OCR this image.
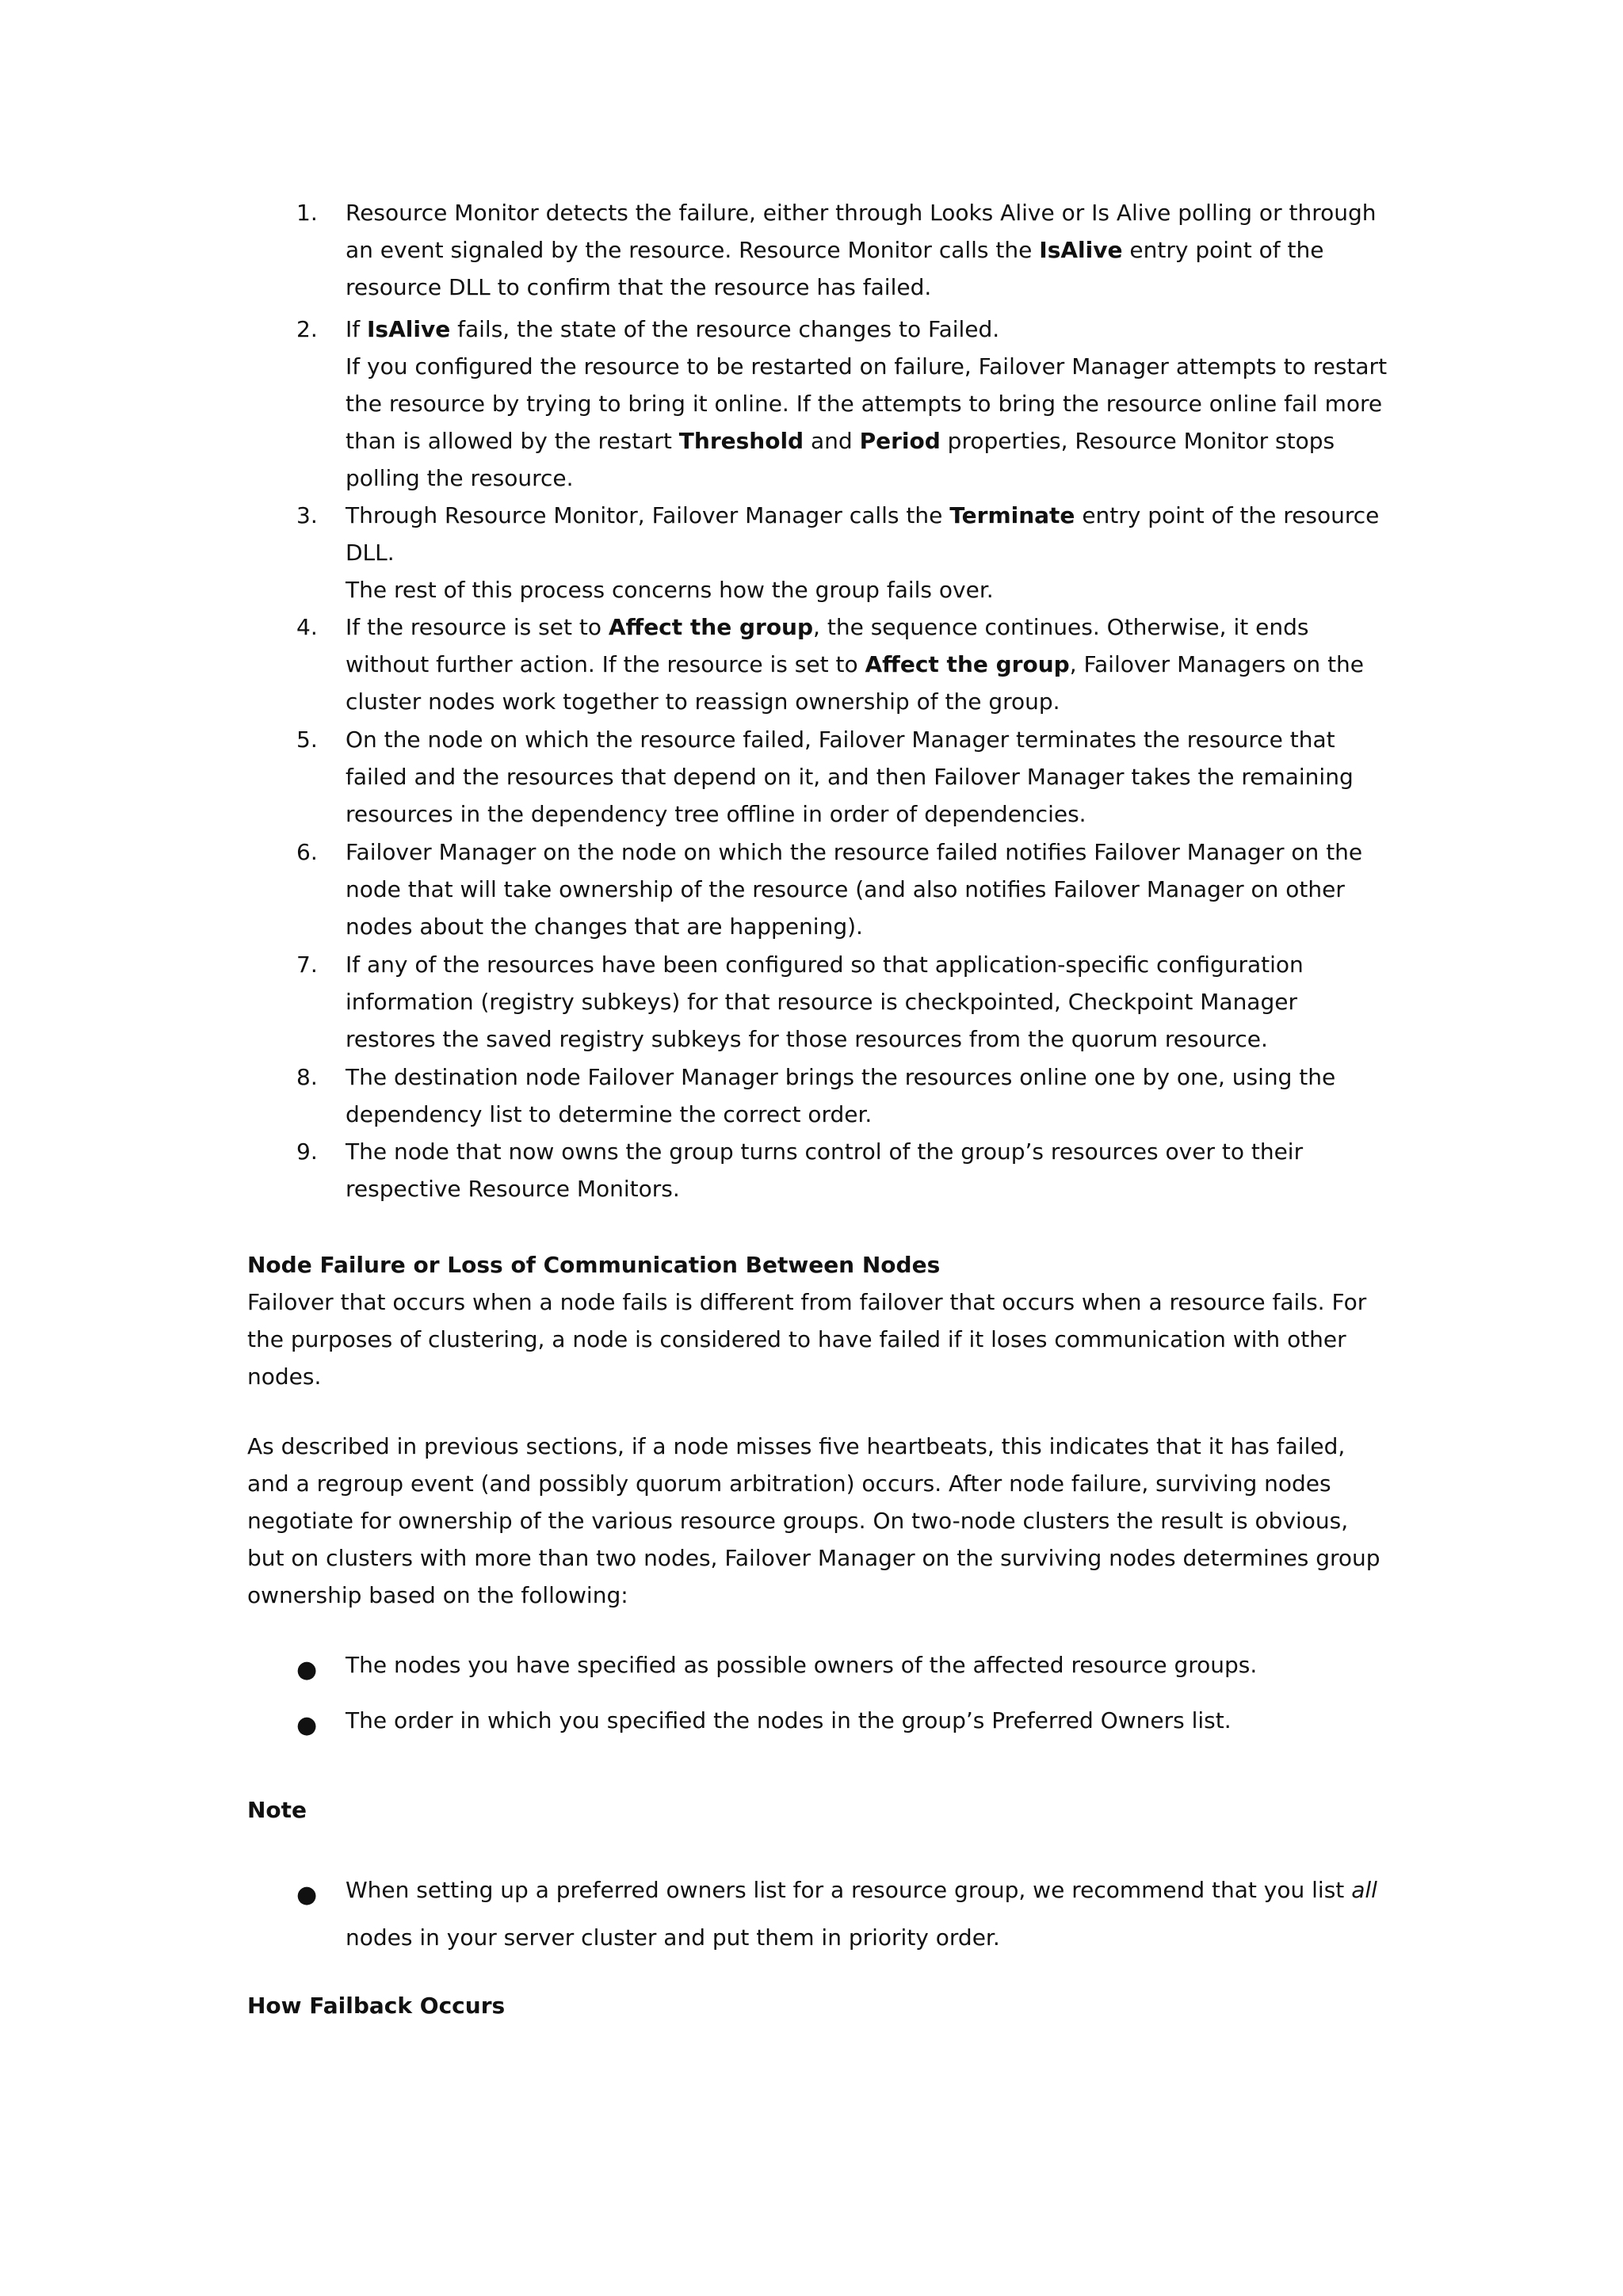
1.	Resource Monitor detects the failure, either through Looks Alive or Is Alive polling or through an event signaled by the resource. Resource Monitor calls the IsAlive entry point of the resource DLL to confirm that the resource has failed.

2.	If IsAlive fails, the state of the resource changes to Failed.

If you configured the resource to be restarted on failure, Failover Manager attempts to restart the resource by trying to bring it online. If the attempts to bring the resource online fail more than is allowed by the restart Threshold and Period properties, Resource Monitor stops polling the resource.

3.	Through Resource Monitor, Failover Manager calls the Terminate entry point of the resource DLL.

The rest of this process concerns how the group fails over.

4.	If the resource is set to Affect the group, the sequence continues. Otherwise, it ends without further action. If the resource is set to Affect the group, Failover Managers on the cluster nodes work together to reassign ownership of the group.

5.	On the node on which the resource failed, Failover Manager terminates the resource that failed and the resources that depend on it, and then Failover Manager takes the remaining resources in the dependency tree offline in order of dependencies.

6.	Failover Manager on the node on which the resource failed notifies Failover Manager on the node that will take ownership of the resource (and also notifies Failover Manager on other nodes about the changes that are happening).

7.	If any of the resources have been configured so that application-specific configuration information (registry subkeys) for that resource is checkpointed, Checkpoint Manager restores the saved registry subkeys for those resources from the quorum resource.

8.	The destination node Failover Manager brings the resources online one by one, using the dependency list to determine the correct order.

9.	The node that now owns the group turns control of the group’s resources over to their respective Resource Monitors.

Node Failure or Loss of Communication Between Nodes

Failover that occurs when a node fails is different from failover that occurs when a resource fails. For the purposes of clustering, a node is considered to have failed if it loses communication with other nodes.

As described in previous sections, if a node misses five heartbeats, this indicates that it has failed, and a regroup event (and possibly quorum arbitration) occurs. After node failure, surviving nodes negotiate for ownership of the various resource groups. On two-node clusters the result is obvious, but on clusters with more than two nodes, Failover Manager on the surviving nodes determines group ownership based on the following:

● The nodes you have specified as possible owners of the affected resource groups.
● The order in which you specified the nodes in the group’s Preferred Owners list.
Note
● When setting up a preferred owners list for a resource group, we recommend that you list all nodes in your server cluster and put them in priority order.
How Failback Occurs
